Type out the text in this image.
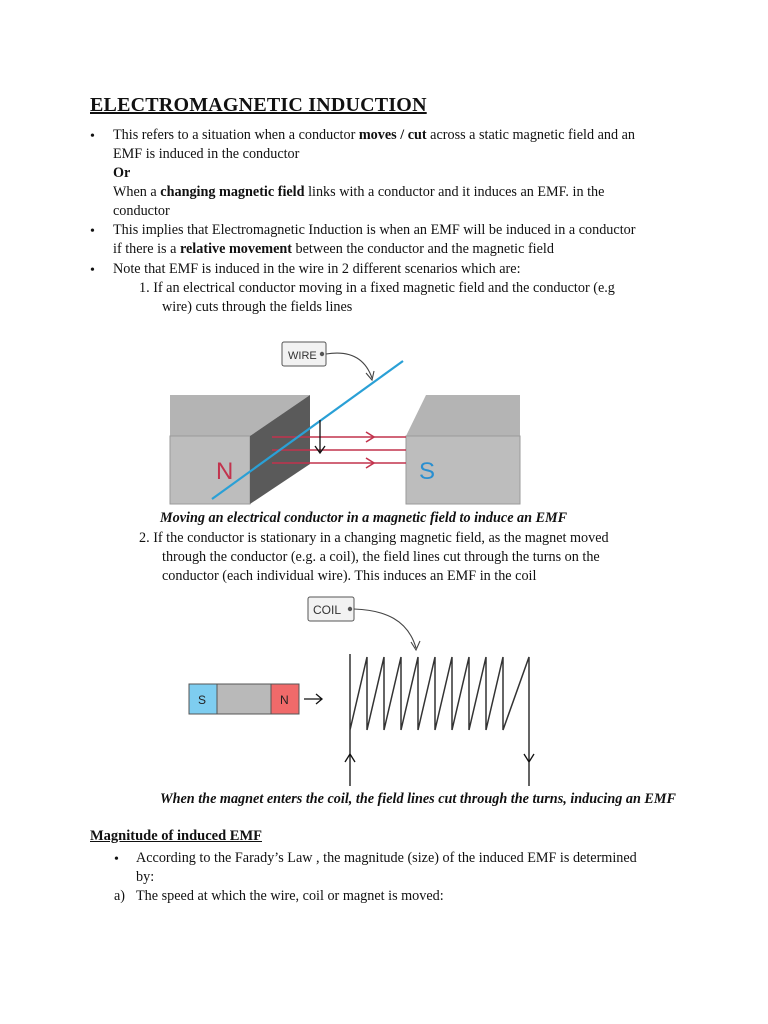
ELECTROMAGNETIC INDUCTION
• This refers to a situation when a conductor moves / cut across a static magnetic field and an
EMF is induced in the conductor
Or
When a changing magnetic field links with a conductor and it induces an EMF. in the
conductor
• This implies that Electromagnetic Induction is when an EMF will be induced in a conductor
if there is a relative movement between the conductor and the magnetic field
• Note that EMF is induced in the wire in 2 different scenarios which are:
1. If an electrical conductor moving in a fixed magnetic field and the conductor (e.g
wire) cuts through the fields lines
WIRE
N	S
Moving an electrical conductor in a magnetic field to induce an EMF
2. If the conductor is stationary in a changing magnetic field, as the magnet moved
through the conductor (e.g. a coil), the field lines cut through the turns on the
conductor (each individual wire). This induces an EMF in the coil
COIL
S	N
When the magnet enters the coil, the field lines cut through the turns, inducing an EMF
Magnitude of induced EMF
• According to the Farady’s Law , the magnitude (size) of the induced EMF is determined
by:
a) The speed at which the wire, coil or magnet is moved:
